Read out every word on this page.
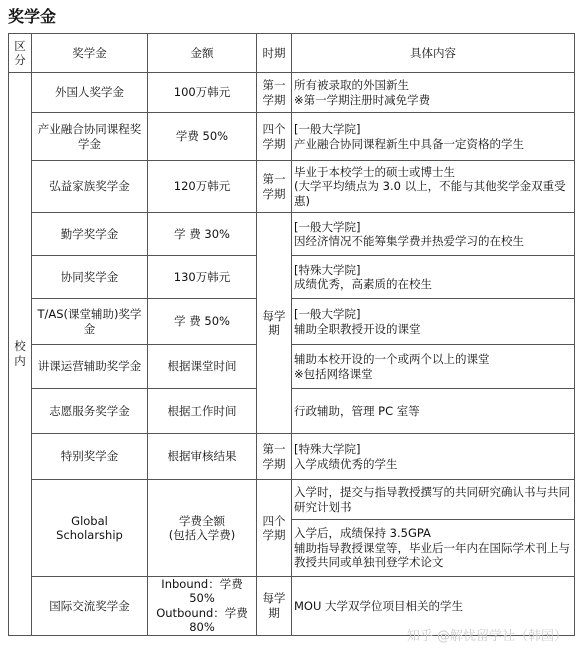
奖学金
区分	奖学金	金额	时期	具体内容
校内	外国人奖学金	100万韩元	第一学期	所有被录取的外国新生
※第一学期注册时减免学费
	产业融合协同课程奖学金	学费 50%	四个学期	[一般大学院]
产业融合协同课程新生中具备一定资格的学生
	弘益家族奖学金	120万韩元	第一学期	毕业于本校学士的硕士或博士生
(大学平均绩点为 3.0 以上，不能与其他奖学金双重受惠)
	勤学奖学金	学 费 30%	每学期	[一般大学院]
因经济情况不能筹集学费并热爱学习的在校生
	协同奖学金	130万韩元		[特殊大学院]
成绩优秀，高素质的在校生
	T/AS(课堂辅助)奖学金	学 费 50%		[一般大学院]
辅助全职教授开设的课堂
	讲课运营辅助奖学金	根据课堂时间		辅助本校开设的一个或两个以上的课堂
※包括网络课堂
	志愿服务奖学金	根据工作时间		行政辅助，管理 PC 室等
	特别奖学金	根据审核结果	第一学期	[特殊大学院]
入学成绩优秀的学生
	Global
Scholarship	学费全额
(包括入学费)	四个学期	入学时，提交与指导教授撰写的共同研究确认书与共同研究计划书
				入学后，成绩保持 3.5GPA
辅助指导教授课堂等，毕业后一年内在国际学术刊上与教授共同或单独刊登学术论文
	国际交流奖学金	Inbound：学费 50%
Outbound：学费 80%	每学期	MOU 大学双学位项目相关的学生
知乎 @解忧留学社（韩国）
